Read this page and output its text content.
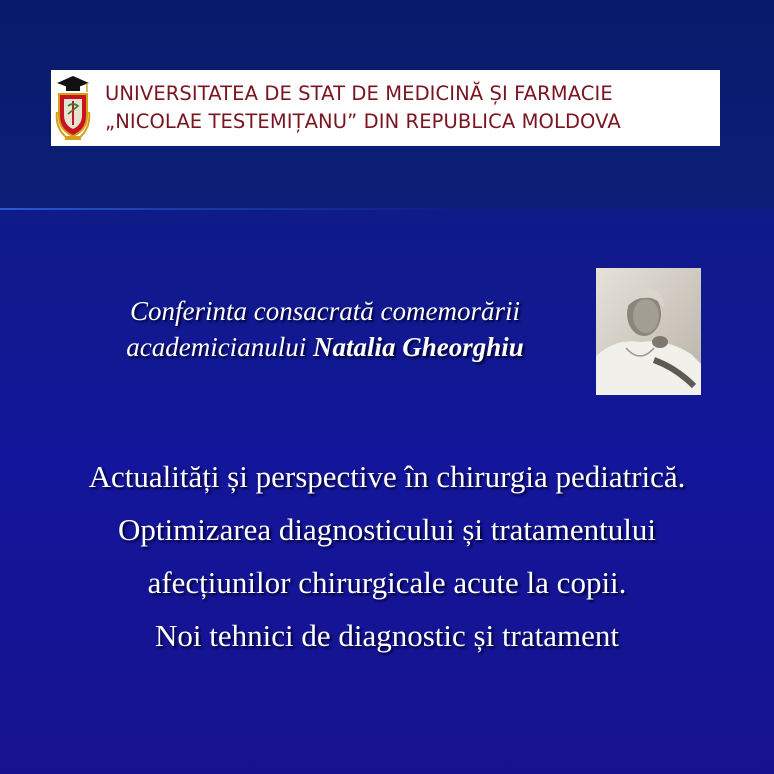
UNIVERSITATEA DE STAT DE MEDICINĂ ȘI FARMACIE
„NICOLAE TESTEMIȚANU” DIN REPUBLICA MOLDOVA
Conferinta consacrată comemorării
academicianului Natalia Gheorghiu
Actualități și perspective în chirurgia pediatrică.
Optimizarea diagnosticului și tratamentului
afecțiunilor chirurgicale acute la copii.
Noi tehnici de diagnostic și tratament
